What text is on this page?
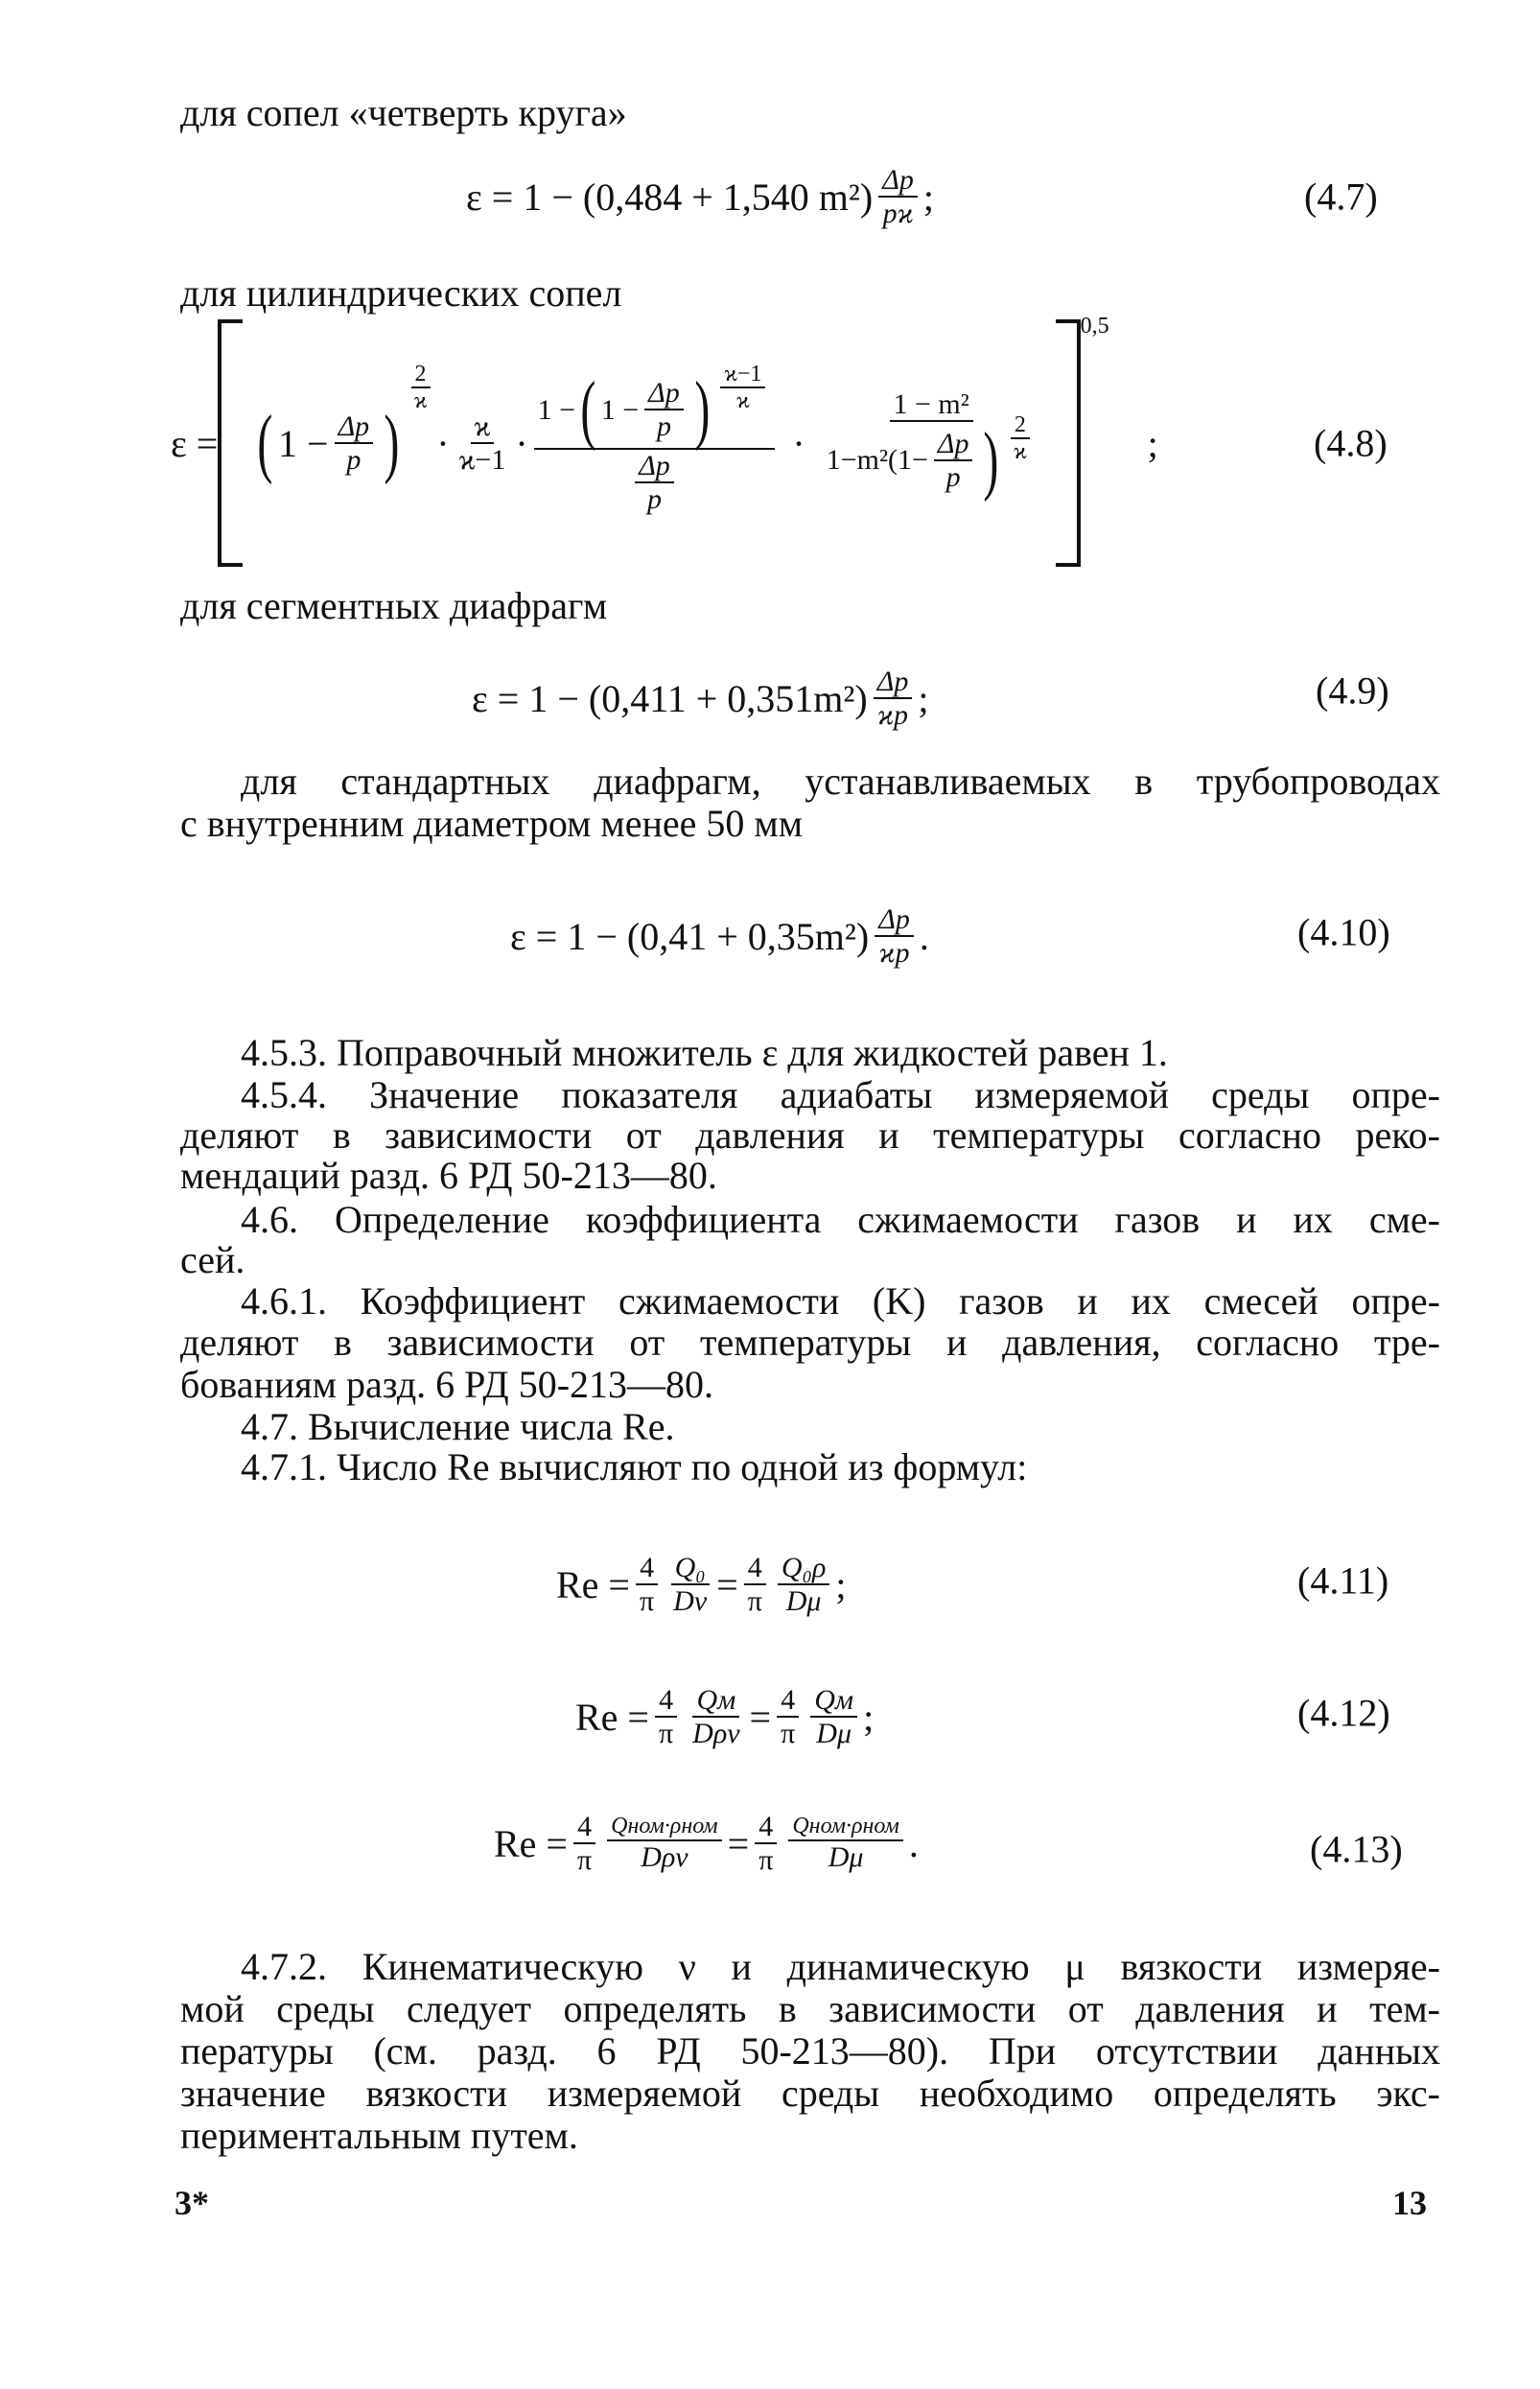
для сопел «четверть круга»
для цилиндрических сопел
для сегментных диафрагм
для стандартных диафрагм, устанавливаемых в трубопроводах
с внутренним диаметром менее 50 мм
4.5.3. Поправочный множитель ε для жидкостей равен 1.
4.5.4. Значение показателя адиабаты измеряемой среды опре-
деляют в зависимости от давления и температуры согласно реко-
мендаций разд. 6 РД 50-213—80.
4.6. Определение коэффициента сжимаемости газов и их сме-
сей.
4.6.1. Коэффициент сжимаемости (K) газов и их смесей опре-
деляют в зависимости от температуры и давления, согласно тре-
бованиям разд. 6 РД 50-213—80.
4.7. Вычисление числа Re.
4.7.1. Число Re вычисляют по одной из формул:
4.7.2. Кинематическую ν и динамическую μ вязкости измеряе-
мой среды следует определять в зависимости от давления и тем-
пературы (см. разд. 6 РД 50-213—80). При отсутствии данных
значение вязкости измеряемой среды необходимо определять экс-
периментальным путем.
ε = 1 − (0,484 + 1,540 $m^2) \frac{\Delta p}{pϰ}$ ;	(4.7)
ε = ( $1 - \frac{\Delta p}{p}$ )
$\frac{2}{ϰ}$
· $\frac{ϰ}{ϰ-1} \cdot \frac{1 - ( 1 - \frac{\Delta p}{p} ) \frac{ϰ-1}{ϰ}}{\frac{\Delta p}{p}} \cdot \frac{\text{1 − m²}}{1-m^2(1- \frac{\Delta p}{p} ) \frac{2}{ϰ}}$
0,5
;	(4.8)
$\varepsilon = 1 - (0,411 + 0,351m^2) \frac{\Delta p}{ϰp}$ ;	(4.9)
$\varepsilon = 1 - (0,41 + 0,35m^2) \frac{\Delta p}{ϰp}$ .	(4.10)
$Re = \frac{4}{\pi} \frac{\text{Q₀}}{D\nu} = \frac{4}{\pi} \frac{\text{Q₀ρ}}{D\mu}$ ;	(4.11)
$Re = \frac{4}{\pi} \frac{Qм}{\text{Dρν}} = \frac{4}{\pi} \frac{Qм}{D\mu}$ ;	(4.12)
$Re = \frac{4}{\pi} \frac{\text{Qном·ρном}}{\text{Dρν}} = \frac{4}{\pi} \frac{\text{Qном·ρном}}{D\mu}$ .	(4.13)
3*	13
